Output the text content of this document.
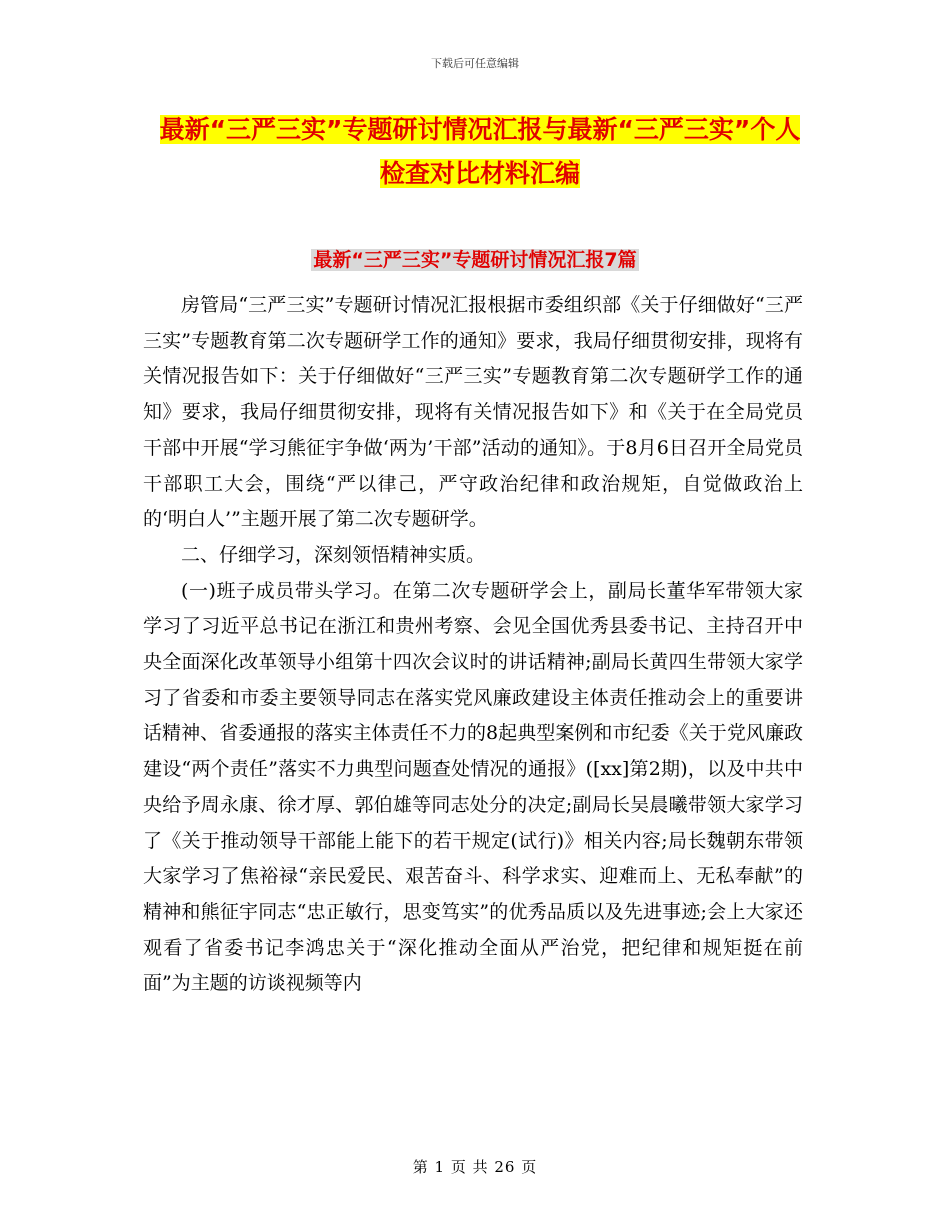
下载后可任意编辑
最新“三严三实”专题研讨情况汇报与最新“三严三实”个人检查对比材料汇编
最新“三严三实”专题研讨情况汇报7篇

房管局“三严三实”专题研讨情况汇报根据市委组织部《关于仔细做好“三严三实”专题教育第二次专题研学工作的通知》要求，我局仔细贯彻安排，现将有关情况报告如下：关于仔细做好“三严三实”专题教育第二次专题研学工作的通知》要求，我局仔细贯彻安排，现将有关情况报告如下》和《关于在全局党员干部中开展“学习熊征宇争做‘两为’干部”活动的通知》。于8月6日召开全局党员干部职工大会，围绕“严以律己，严守政治纪律和政治规矩，自觉做政治上的‘明白人’”主题开展了第二次专题研学。

二、仔细学习，深刻领悟精神实质。

(一)班子成员带头学习。在第二次专题研学会上，副局长董华军带领大家学习了习近平总书记在浙江和贵州考察、会见全国优秀县委书记、主持召开中央全面深化改革领导小组第十四次会议时的讲话精神;副局长黄四生带领大家学习了省委和市委主要领导同志在落实党风廉政建设主体责任推动会上的重要讲话精神、省委通报的落实主体责任不力的8起典型案例和市纪委《关于党风廉政建设“两个责任”落实不力典型问题查处情况的通报》([xx]第2期)，以及中共中央给予周永康、徐才厚、郭伯雄等同志处分的决定;副局长吴晨曦带领大家学习了《关于推动领导干部能上能下的若干规定(试行)》相关内容;局长魏朝东带领大家学习了焦裕禄“亲民爱民、艰苦奋斗、科学求实、迎难而上、无私奉献”的精神和熊征宇同志“忠正敏行，思变笃实”的优秀品质以及先进事迹;会上大家还观看了省委书记李鸿忠关于“深化推动全面从严治党，把纪律和规矩挺在前面”为主题的访谈视频等内

第 1 页 共 26 页
